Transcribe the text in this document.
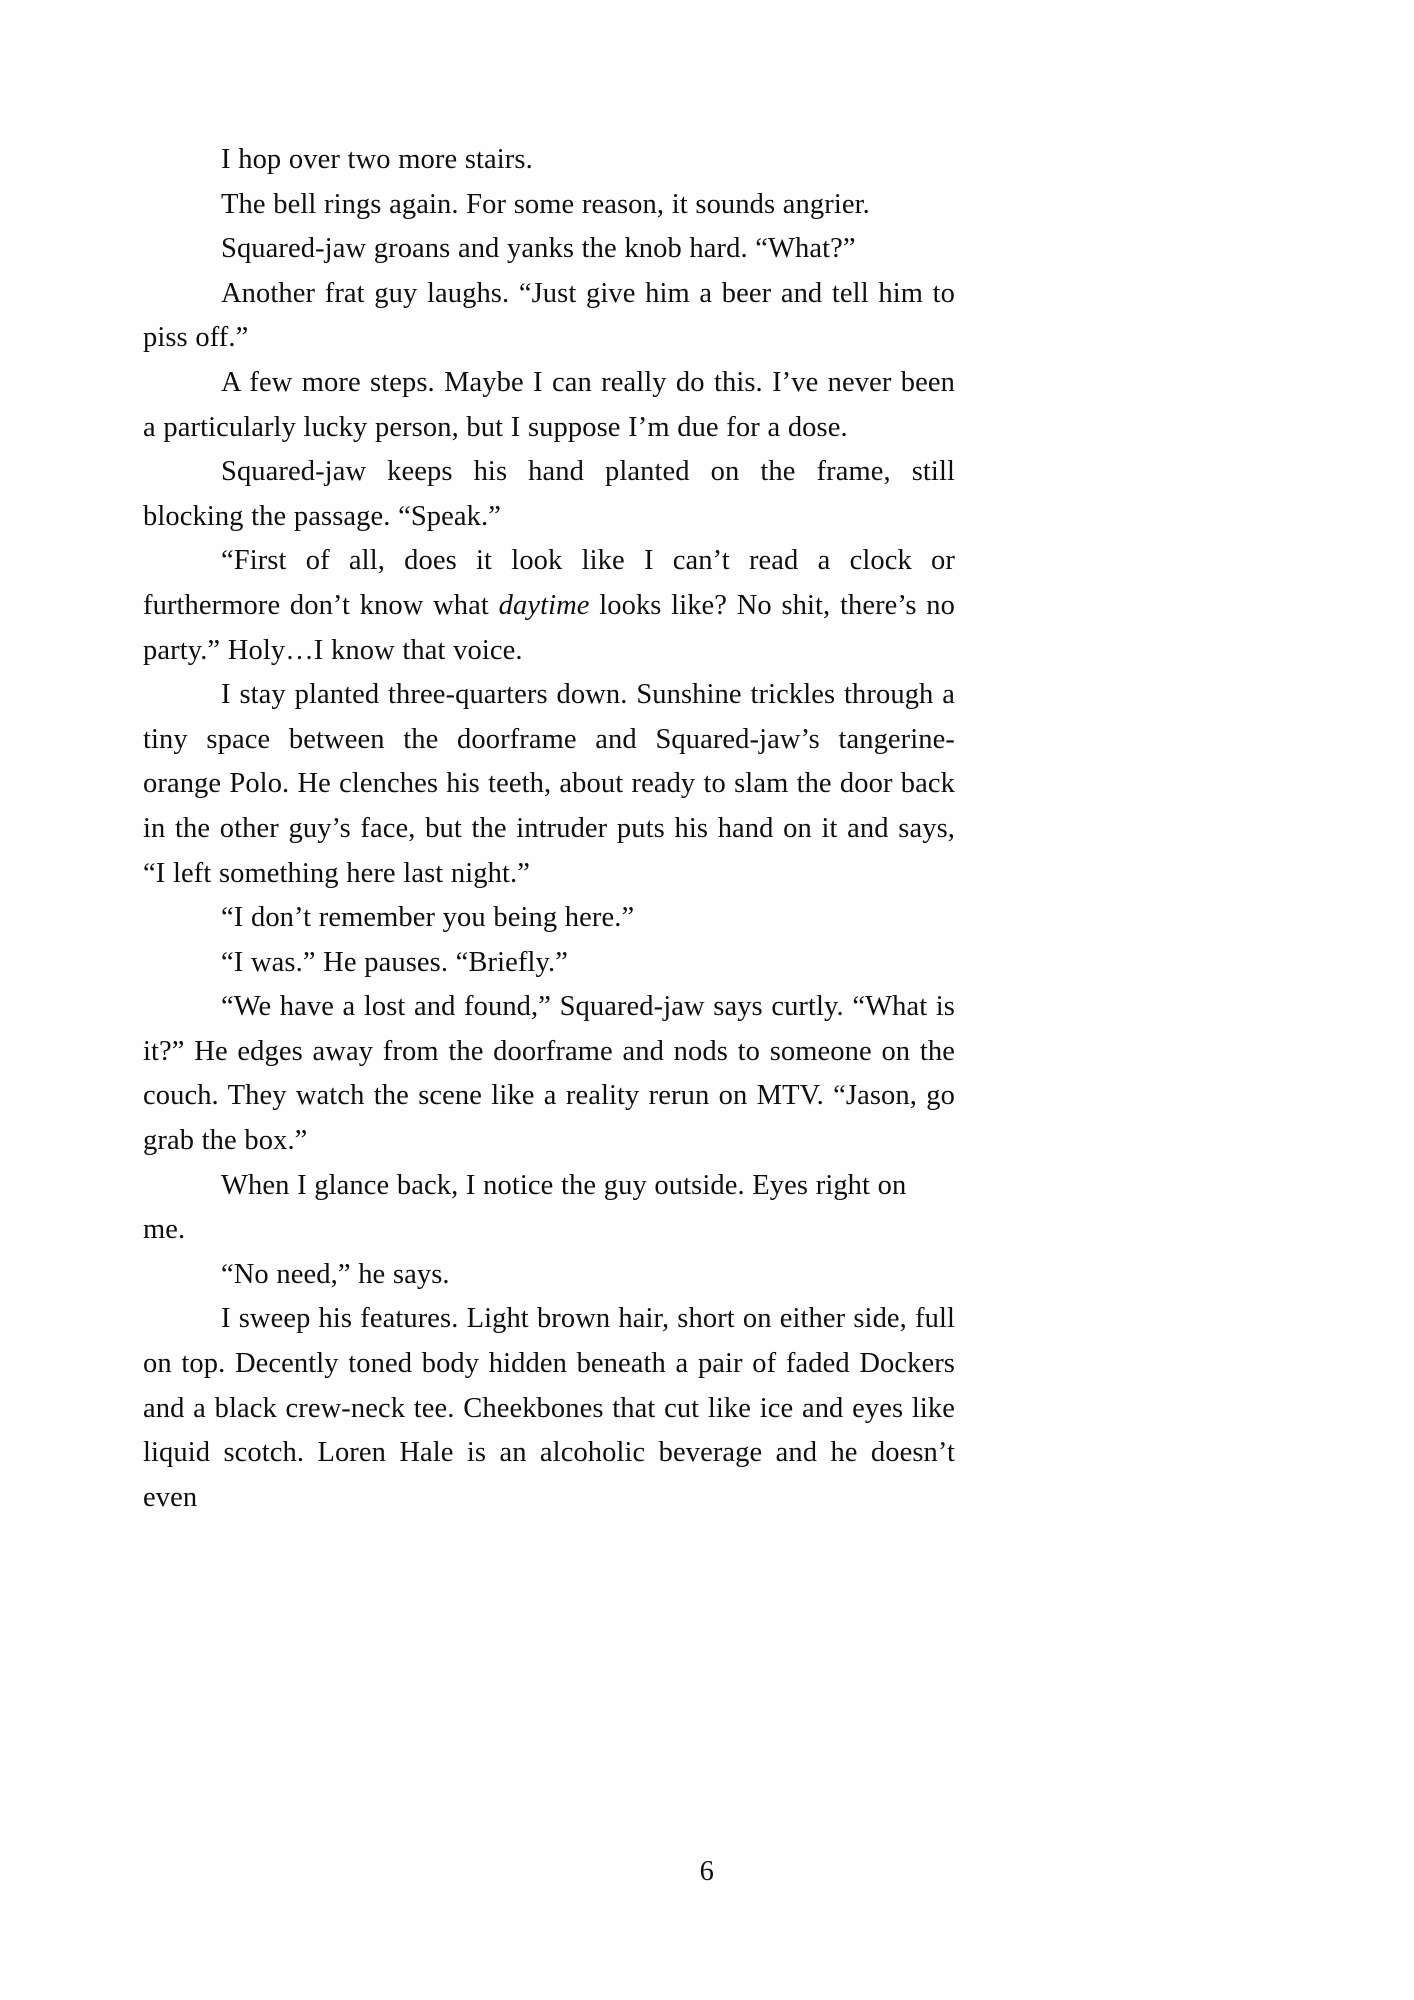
I hop over two more stairs.

The bell rings again. For some reason, it sounds angrier.

Squared-jaw groans and yanks the knob hard. “What?”

Another frat guy laughs. “Just give him a beer and tell him to piss off.”

A few more steps. Maybe I can really do this. I’ve never been a particularly lucky person, but I suppose I’m due for a dose.

Squared-jaw keeps his hand planted on the frame, still blocking the passage. “Speak.”

“First of all, does it look like I can’t read a clock or furthermore don’t know what daytime looks like? No shit, there’s no party.” Holy…I know that voice.

I stay planted three-quarters down. Sunshine trickles through a tiny space between the doorframe and Squared-jaw’s tangerine-orange Polo. He clenches his teeth, about ready to slam the door back in the other guy’s face, but the intruder puts his hand on it and says, “I left something here last night.”

“I don’t remember you being here.”

“I was.” He pauses. “Briefly.”

“We have a lost and found,” Squared-jaw says curtly. “What is it?” He edges away from the doorframe and nods to someone on the couch. They watch the scene like a reality rerun on MTV. “Jason, go grab the box.”

When I glance back, I notice the guy outside. Eyes right on me.

“No need,” he says.

I sweep his features. Light brown hair, short on either side, full on top. Decently toned body hidden beneath a pair of faded Dockers and a black crew-neck tee. Cheekbones that cut like ice and eyes like liquid scotch. Loren Hale is an alcoholic beverage and he doesn’t even

6
